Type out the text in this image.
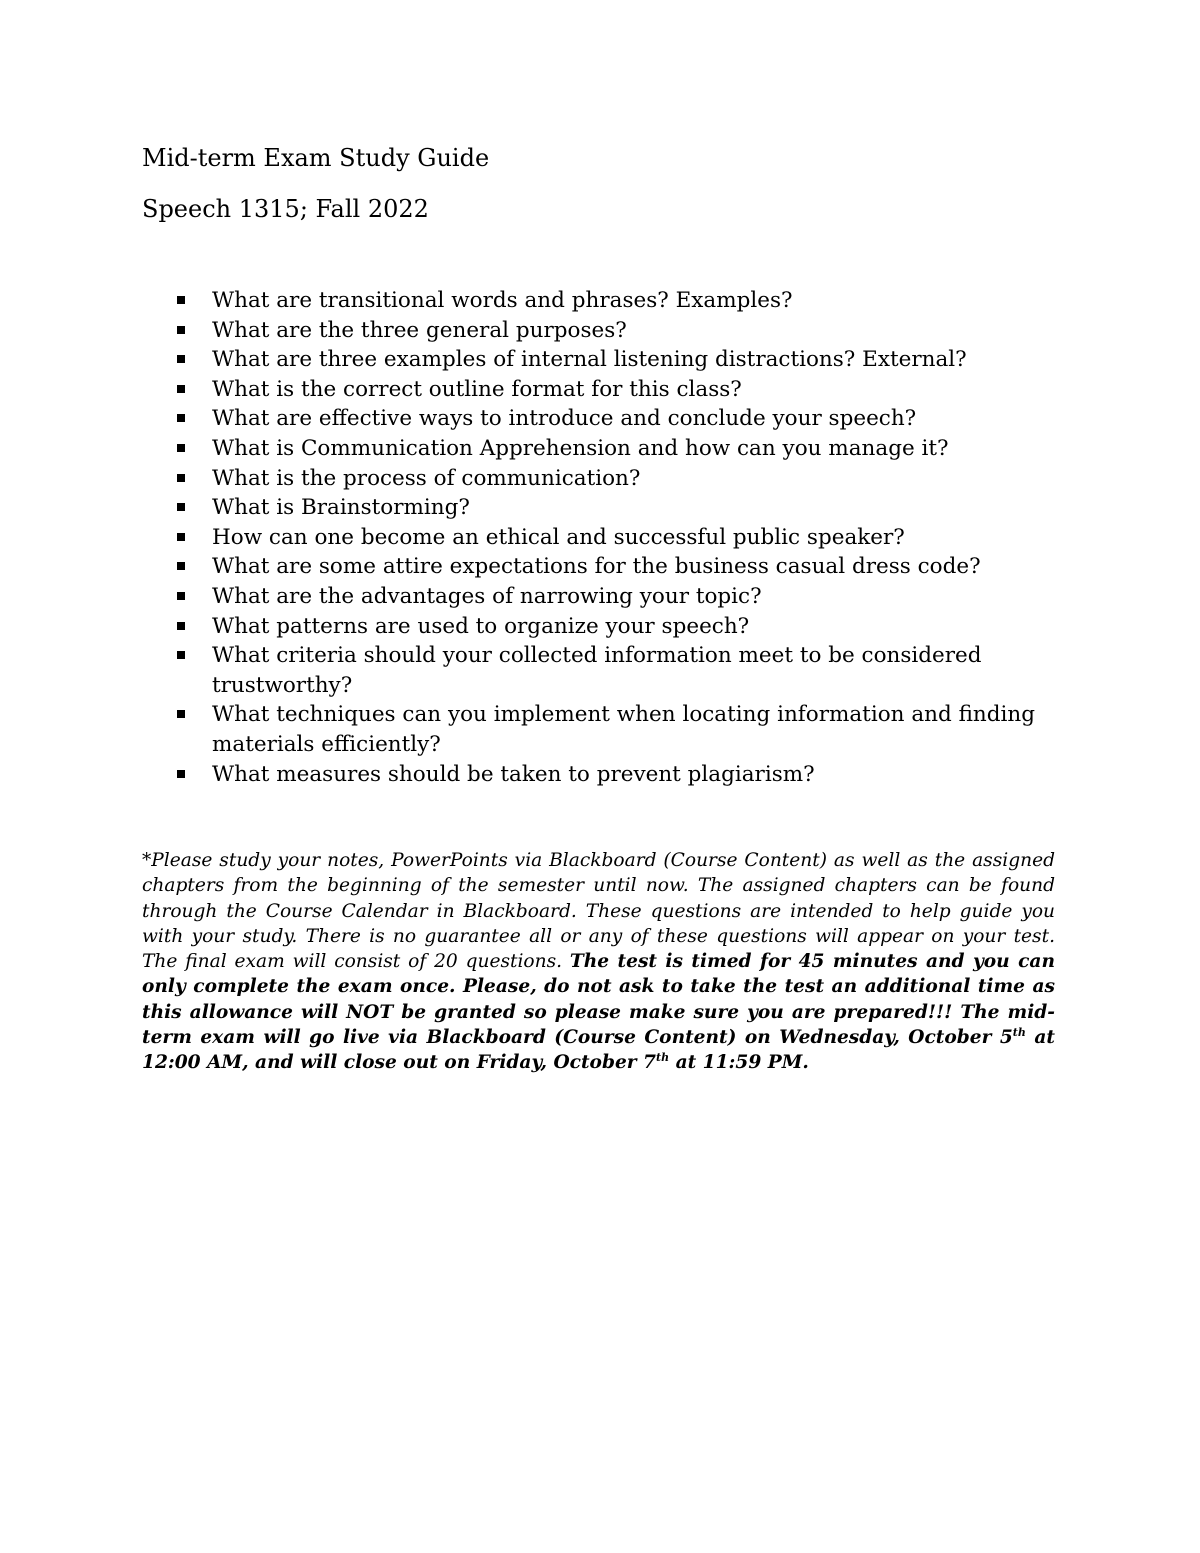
Mid-term Exam Study Guide
Speech 1315; Fall 2022
What are transitional words and phrases? Examples?
What are the three general purposes?
What are three examples of internal listening distractions? External?
What is the correct outline format for this class?
What are effective ways to introduce and conclude your speech?
What is Communication Apprehension and how can you manage it?
What is the process of communication?
What is Brainstorming?
How can one become an ethical and successful public speaker?
What are some attire expectations for the business casual dress code?
What are the advantages of narrowing your topic?
What patterns are used to organize your speech?
What criteria should your collected information meet to be considered trustworthy?
What techniques can you implement when locating information and finding materials efficiently?
What measures should be taken to prevent plagiarism?

*Please study your notes, PowerPoints via Blackboard (Course Content) as well as the assigned chapters from the beginning of the semester until now. The assigned chapters can be found through the Course Calendar in Blackboard. These questions are intended to help guide you with your study. There is no guarantee all or any of these questions will appear on your test. The final exam will consist of 20 questions. The test is timed for 45 minutes and you can only complete the exam once. Please, do not ask to take the test an additional time as this allowance will NOT be granted so please make sure you are prepared!!! The mid-term exam will go live via Blackboard (Course Content) on Wednesday, October 5th at 12:00 AM, and will close out on Friday, October 7th at 11:59 PM.
